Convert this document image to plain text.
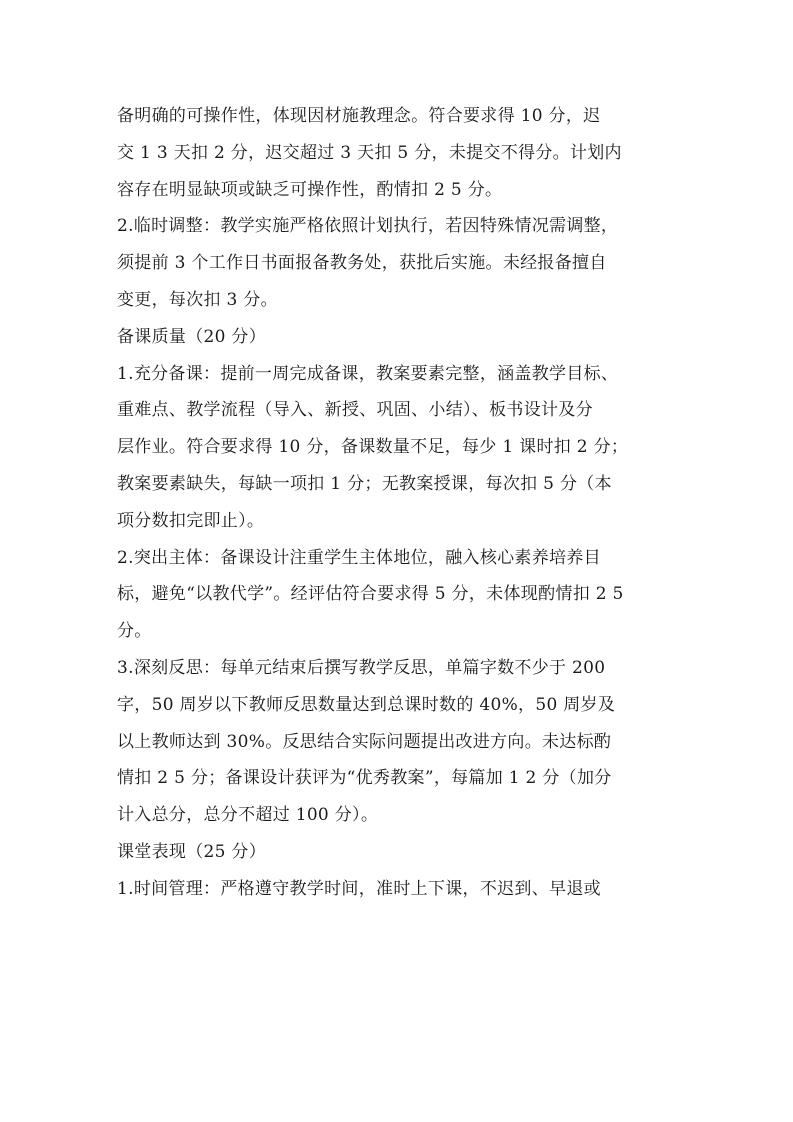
备明确的可操作性，体现因材施教理念。符合要求得 10 分，迟
交 1 3 天扣 2 分，迟交超过 3 天扣 5 分，未提交不得分。计划内
容存在明显缺项或缺乏可操作性，酌情扣 2 5 分。
2.临时调整：教学实施严格依照计划执行，若因特殊情况需调整，
须提前 3 个工作日书面报备教务处，获批后实施。未经报备擅自
变更，每次扣 3 分。
备课质量（20 分）
1.充分备课：提前一周完成备课，教案要素完整，涵盖教学目标、
重难点、教学流程（导入、新授、巩固、小结）、板书设计及分
层作业。符合要求得 10 分，备课数量不足，每少 1 课时扣 2 分；
教案要素缺失，每缺一项扣 1 分；无教案授课，每次扣 5 分（本
项分数扣完即止）。
2.突出主体：备课设计注重学生主体地位，融入核心素养培养目
标，避免“以教代学”。经评估符合要求得 5 分，未体现酌情扣 2 5
分。
3.深刻反思：每单元结束后撰写教学反思，单篇字数不少于 200
字，50 周岁以下教师反思数量达到总课时数的 40%，50 周岁及
以上教师达到 30%。反思结合实际问题提出改进方向。未达标酌
情扣 2 5 分；备课设计获评为“优秀教案”，每篇加 1 2 分（加分
计入总分，总分不超过 100 分）。
课堂表现（25 分）
1.时间管理：严格遵守教学时间，准时上下课，不迟到、早退或
